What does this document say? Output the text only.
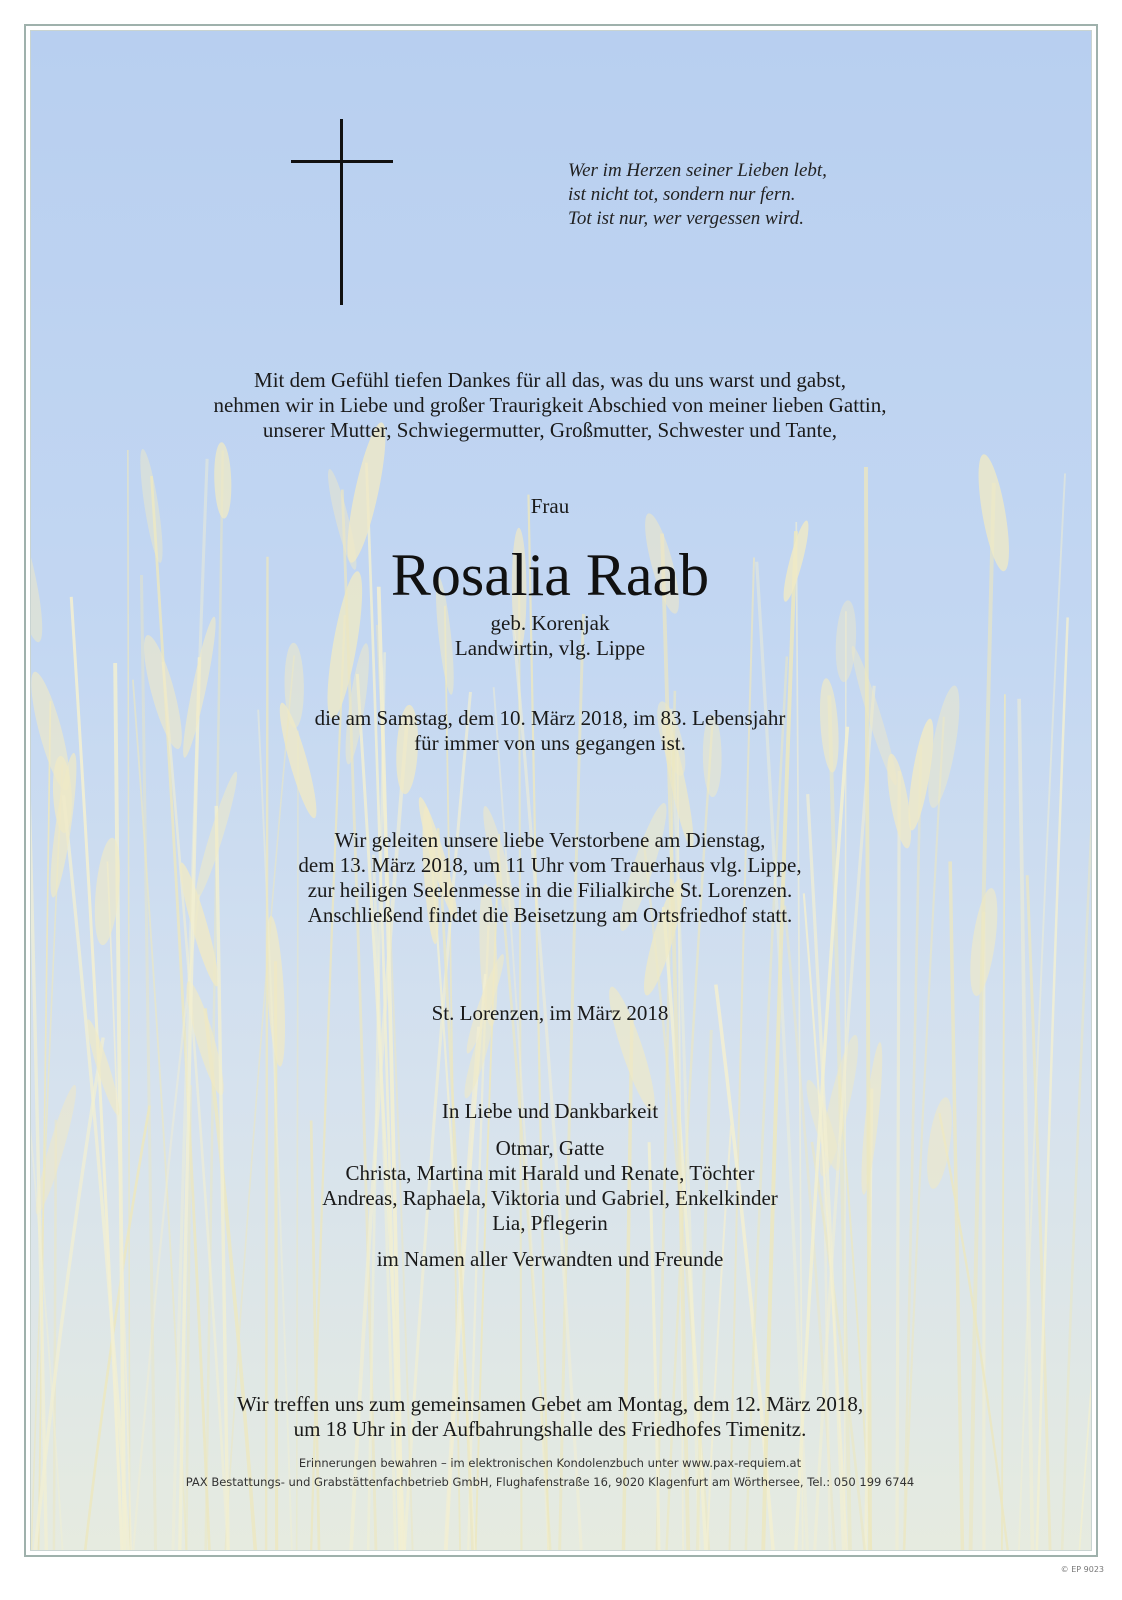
Wer im Herzen seiner Lieben lebt,
ist nicht tot, sondern nur fern.
Tot ist nur, wer vergessen wird.
Mit dem Gefühl tiefen Dankes für all das, was du uns warst und gabst,
nehmen wir in Liebe und großer Traurigkeit Abschied von meiner lieben Gattin,
unserer Mutter, Schwiegermutter, Großmutter, Schwester und Tante,
Frau
Rosalia Raab
geb. Korenjak
Landwirtin, vlg. Lippe
die am Samstag, dem 10. März 2018, im 83. Lebensjahr
für immer von uns gegangen ist.
Wir geleiten unsere liebe Verstorbene am Dienstag,
dem 13. März 2018, um 11 Uhr vom Trauerhaus vlg. Lippe,
zur heiligen Seelenmesse in die Filialkirche St. Lorenzen.
Anschließend findet die Beisetzung am Ortsfriedhof statt.
St. Lorenzen, im März 2018
In Liebe und Dankbarkeit
Otmar, Gatte
Christa, Martina mit Harald und Renate, Töchter
Andreas, Raphaela, Viktoria und Gabriel, Enkelkinder
Lia, Pflegerin
im Namen aller Verwandten und Freunde
Wir treffen uns zum gemeinsamen Gebet am Montag, dem 12. März 2018,
um 18 Uhr in der Aufbahrungshalle des Friedhofes Timenitz.
Erinnerungen bewahren – im elektronischen Kondolenzbuch unter www.pax-requiem.at
PAX Bestattungs- und Grabstättenfachbetrieb GmbH, Flughafenstraße 16, 9020 Klagenfurt am Wörthersee, Tel.: 050 199 6744
© EP 9023
